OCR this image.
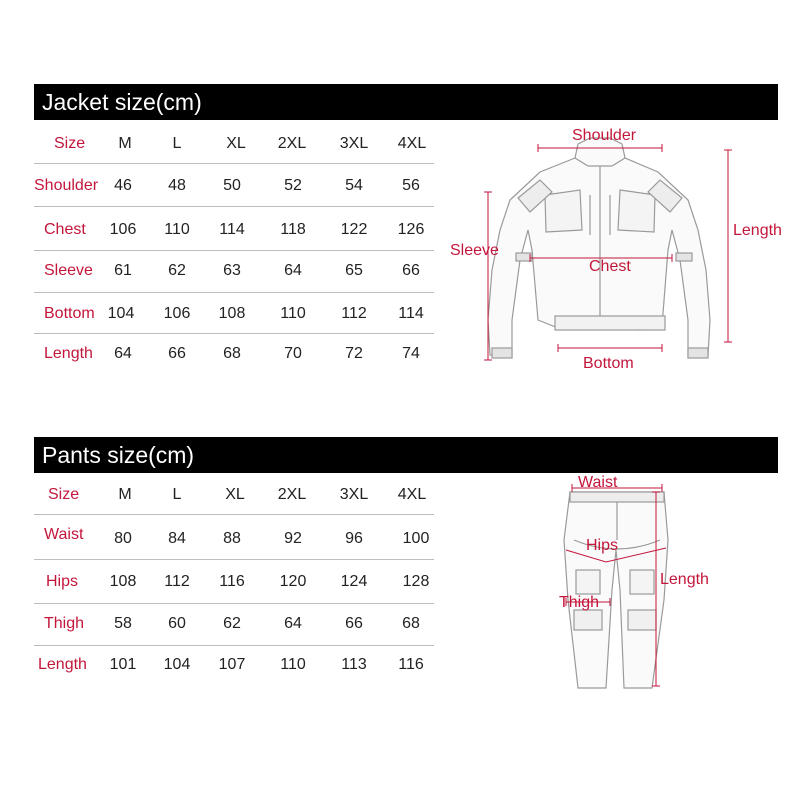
Jacket size(cm)
Size	M	L	XL	2XL	3XL	4XL
Shoulder	46	48	50	52	54	56
Chest	106	110	114	118	122	126
Sleeve	61	62	63	64	65	66
Bottom 104	106	108	110	112	114
Length	64	66	68	70	72	74
Shoulder
Sleeve
Chest
Length
Bottom
Pants size(cm)
Size	M	L	XL	2XL	3XL	4XL
Waist	80	84	88	92	96	100
Hips	108	112	116	120	124	128
Thigh	58	60	62	64	66	68
Length	101	104	107	110	113	116
Waist
Hips
Thigh
Length
